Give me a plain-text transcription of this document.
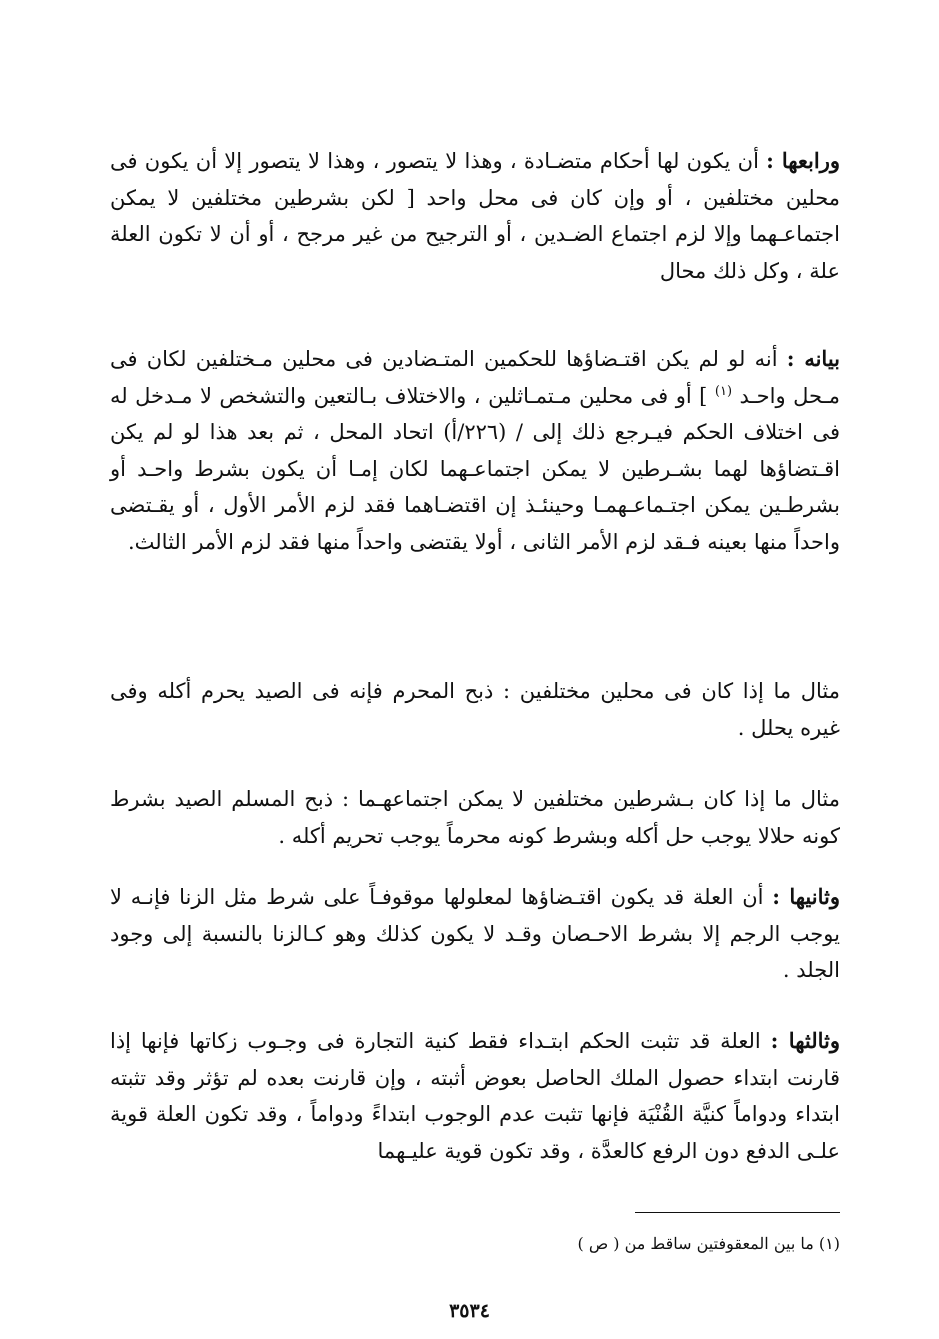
ورابعها : أن يكون لها أحكام متضـادة ، وهذا لا يتصور ، وهذا لا يتصور إلا أن يكون فى محلين مختلفين ، أو وإن كان فى محل واحد [ لكن بشرطين مختلفين لا يمكن اجتماعـهما وإلا لزم اجتماع الضـدين ، أو الترجيح من غير مرجح ، أو أن لا تكون العلة علة ، وكل ذلك محال

بيانه : أنه لو لم يكن اقتـضاؤها للحكمين المتـضادين فى محلين مـختلفين لكان فى مـحل واحـد $^{(١)}$ ] أو فى محلين مـتمـاثلين ، والاختلاف بـالتعين والتشخص لا مـدخل له فى اختلاف الحكم فيـرجع ذلك إلى / (٢٢٦/أ) اتحاد المحل ، ثم بعد هذا لو لم يكن اقـتضاؤها لهما بشـرطين لا يمكن اجتماعـهما لكان إمـا أن يكون بشرط واحـد أو بشرطـين يمكن اجتـماعـهمـا وحينئـذ إن اقتضـاهما فقد لزم الأمر الأول ، أو يقـتضى واحداً منها بعينه فـقد لزم الأمر الثانى ، أولا يقتضى واحداً منها فقد لزم الأمر الثالث.

مثال ما إذا كان فى محلين مختلفين : ذبح المحرم فإنه فى الصيد يحرم أكله وفى غيره يحلل .

مثال ما إذا كان بـشرطين مختلفين لا يمكن اجتماعهـما : ذبح المسلم الصيد بشرط كونه حلالا يوجب حل أكله وبشرط كونه محرماً يوجب تحريم أكله .

وثانيها : أن العلة قد يكون اقتـضاؤها لمعلولها موقوفـاً على شرط مثل الزنا فإنـه لا يوجب الرجم إلا بشرط الاحـصان وقـد لا يكون كذلك وهو كـالزنا بالنسبة إلى وجود الجلد .

وثالثها : العلة قد تثبت الحكم ابتـداء فقط كنية التجارة فى وجـوب زكاتها فإنها إذا قارنت ابتداء حصول الملك الحاصل بعوض أثبته ، وإن قارنت بعده لم تؤثر وقد تثبته ابتداء ودواماً كنيَّة القُنْيَة فإنها تثبت عدم الوجوب ابتداءً ودواماً ، وقد تكون العلة قوية علـى الدفع دون الرفع كالعدَّة ، وقد تكون قوية عليـهما

(١) ما بين المعقوفتين ساقط من ( ص )
٣٥٣٤
